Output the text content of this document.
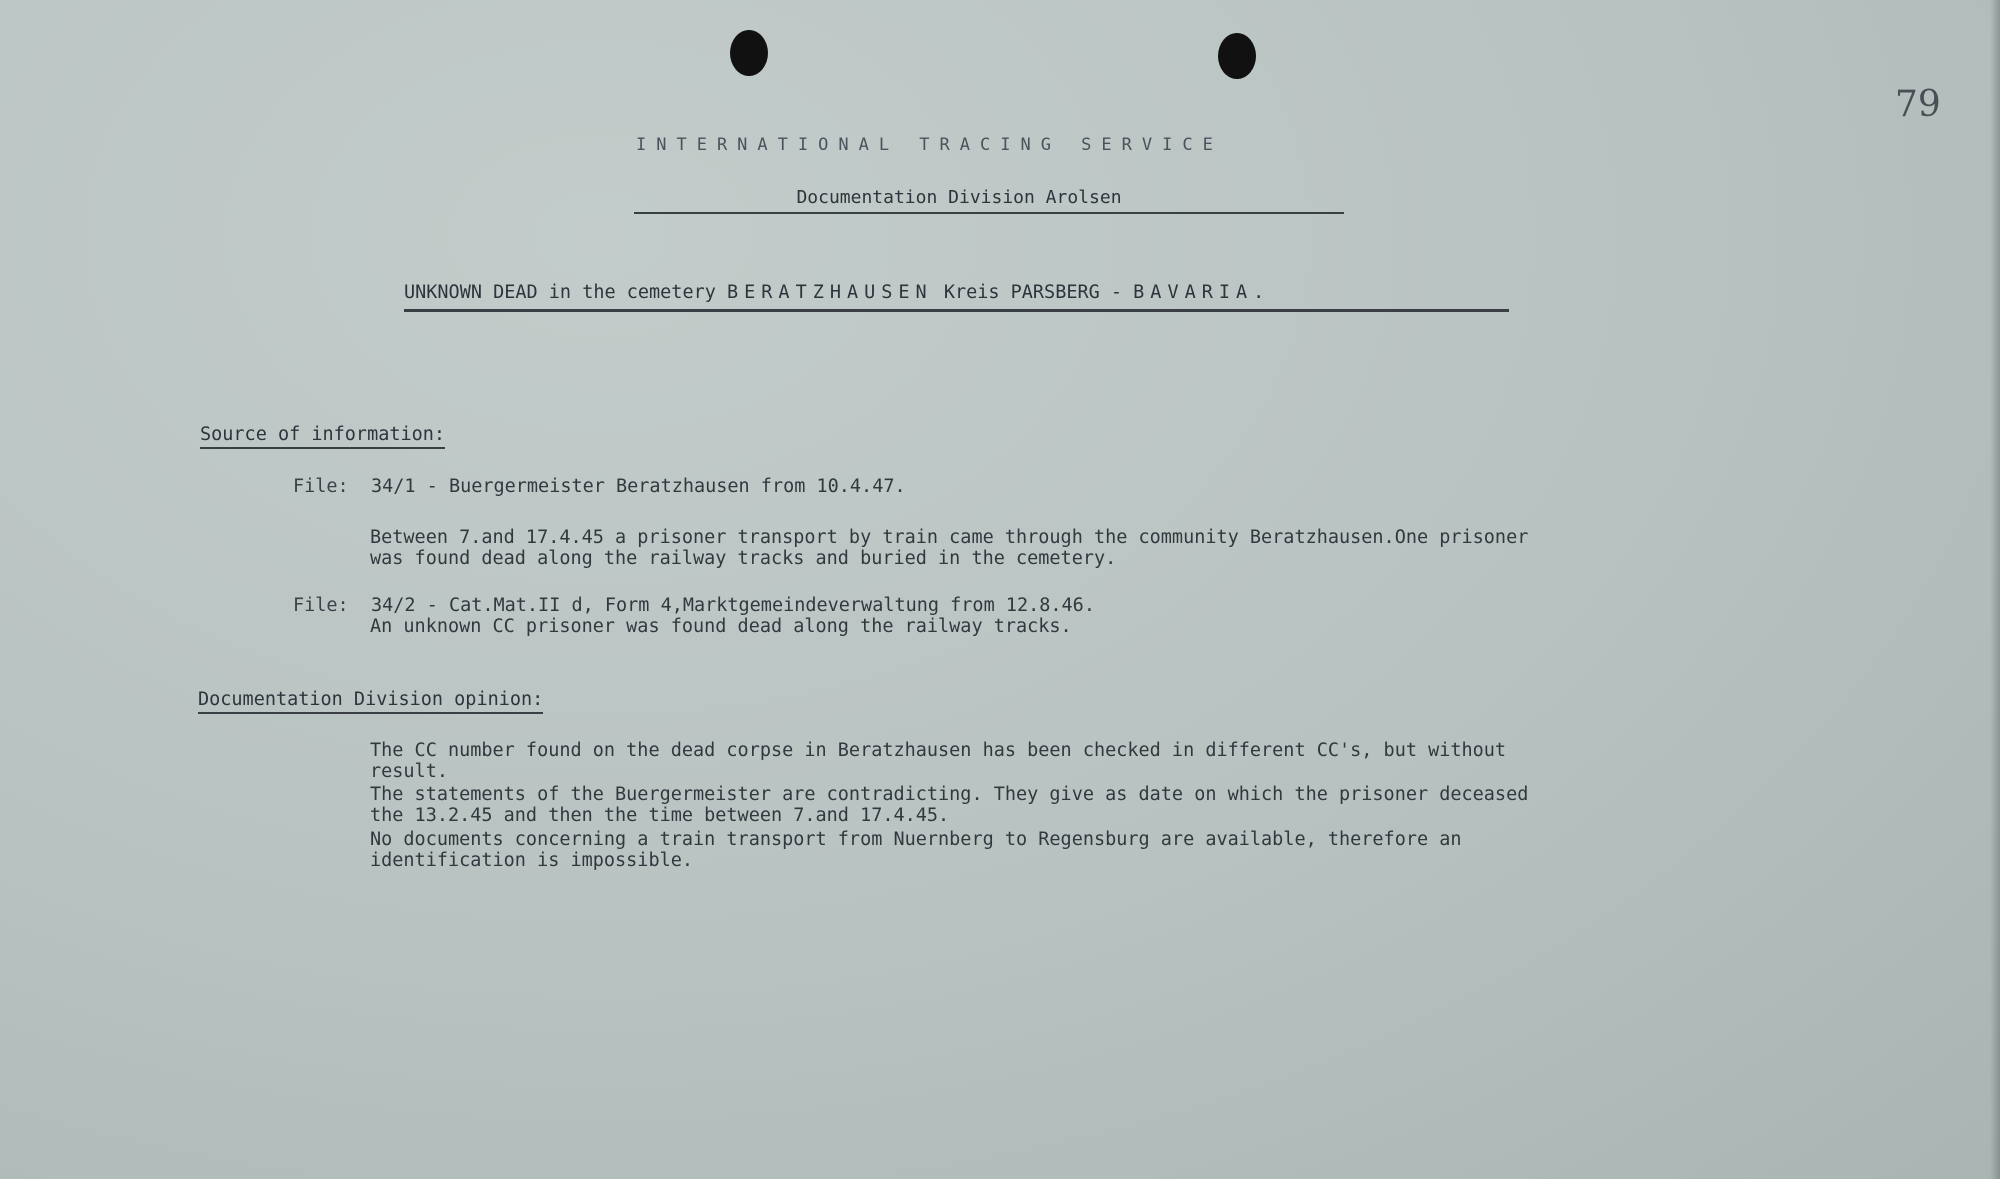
79
INTERNATIONAL TRACING SERVICE
Documentation Division Arolsen
UNKNOWN DEAD in the cemetery BERATZHAUSEN Kreis PARSBERG - BAVARIA.
Source of information:
File: 34/1 - Buergermeister Beratzhausen from 10.4.47.
Between 7.and 17.4.45 a prisoner transport by train came through the community Beratzhausen.One prisoner
was found dead along the railway tracks and buried in the cemetery.
File: 34/2 - Cat.Mat.II d, Form 4,Marktgemeindeverwaltung from 12.8.46.
An unknown CC prisoner was found dead along the railway tracks.
Documentation Division opinion:
The CC number found on the dead corpse in Beratzhausen has been checked in different CC's, but without
result.
The statements of the Buergermeister are contradicting. They give as date on which the prisoner deceased
the 13.2.45 and then the time between 7.and 17.4.45.
No documents concerning a train transport from Nuernberg to Regensburg are available, therefore an
identification is impossible.
